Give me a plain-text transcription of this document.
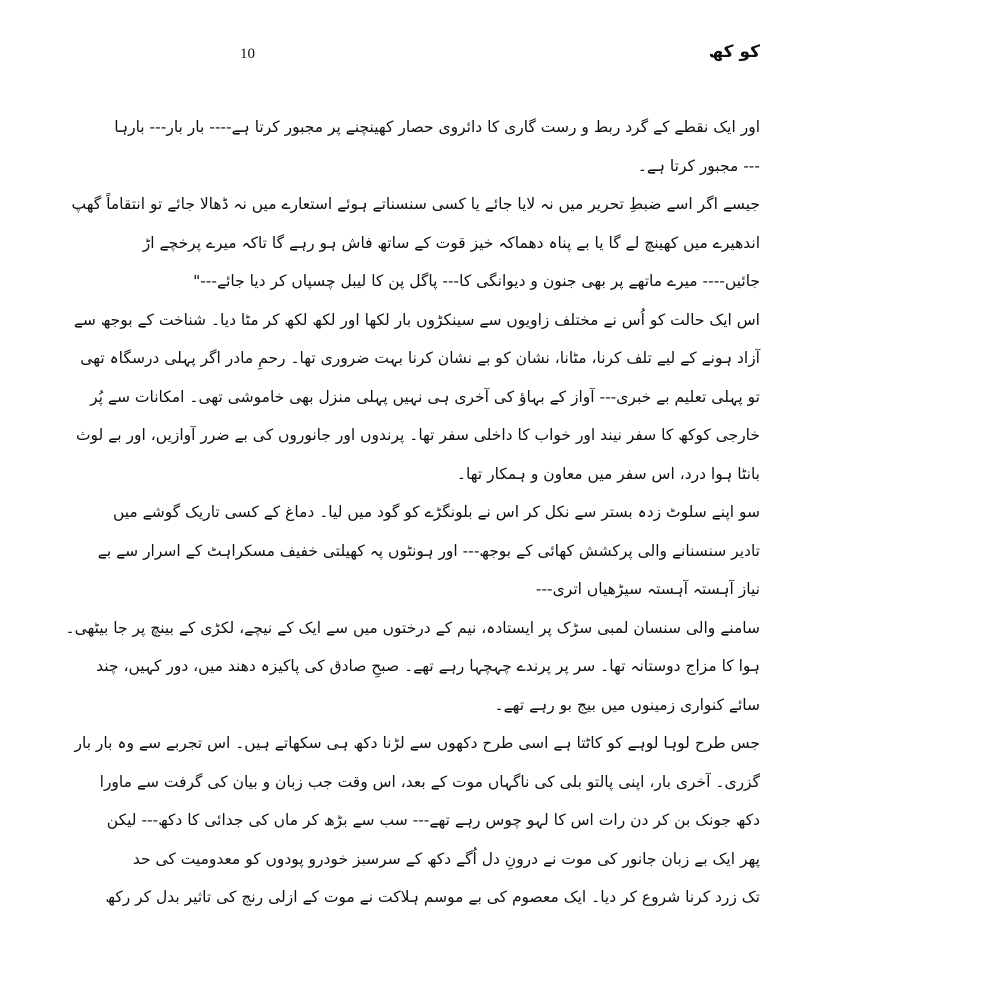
10	کو کھ
اور ایک نقطے کے گرد ربط و رست گاری کا دائروی حصار کھینچنے پر مجبور کرتا ہے---- بار بار--- بارہا
--- مجبور کرتا ہے۔
جیسے اگر اسے ضبطِ تحریر میں نہ لایا جائے یا کسی سنسناتے ہوئے استعارے میں نہ ڈھالا جائے تو انتقاماً گھپ
اندھیرے میں کھینچ لے گا یا بے پناہ دھماکہ خیز قوت کے ساتھ فاش ہو رہے گا تاکہ میرے پرخچے اڑ
جائیں---- میرے ماتھے پر بھی جنون و دیوانگی کا--- پاگل پن کا لیبل چسپاں کر دیا جائے---"
اس ایک حالت کو اُس نے مختلف زاویوں سے سینکڑوں بار لکھا اور لکھ لکھ کر مٹا دیا۔ شناخت کے بوجھ سے
آزاد ہونے کے لیے تلف کرنا، مٹانا، نشان کو بے نشان کرنا بہت ضروری تھا۔ رحمِ مادر اگر پہلی درسگاہ تھی
تو پہلی تعلیم بے خبری--- آواز کے بہاؤ کی آخری ہی نہیں پہلی منزل بھی خاموشی تھی۔ امکانات سے پُر
خارجی کوکھ کا سفر نیند اور خواب کا داخلی سفر تھا۔ پرندوں اور جانوروں کی بے ضرر آوازیں، اور بے لوث
بانٹا ہوا درد، اس سفر میں معاون و ہمکار تھا۔
سو اپنے سلوٹ زدہ بستر سے نکل کر اس نے بلونگڑے کو گود میں لیا۔ دماغ کے کسی تاریک گوشے میں
تادیر سنسنانے والی پرکشش کھائی کے بوجھ--- اور ہونٹوں پہ کھیلتی خفیف مسکراہٹ کے اسرار سے بے
نیاز آہستہ آہستہ سیڑھیاں اتری---
سامنے والی سنسان لمبی سڑک پر ایستادہ، نیم کے درختوں میں سے ایک کے نیچے، لکڑی کے بینچ پر جا بیٹھی۔
ہوا کا مزاج دوستانہ تھا۔ سر پر پرندے چہچہا رہے تھے۔ صبحِ صادق کی پاکیزہ دھند میں، دور کہیں، چند
سائے کنواری زمینوں میں بیج بو رہے تھے۔
جس طرح لوہا لوہے کو کاٹتا ہے اسی طرح دکھوں سے لڑنا دکھ ہی سکھاتے ہیں۔ اس تجربے سے وہ بار بار
گزری۔ آخری بار، اپنی پالتو بلی کی ناگہاں موت کے بعد، اس وقت جب زبان و بیان کی گرفت سے ماورا
دکھ جونک بن کر دن رات اس کا لہو چوس رہے تھے--- سب سے بڑھ کر ماں کی جدائی کا دکھ--- لیکن
پھر ایک بے زبان جانور کی موت نے درونِ دل اُگے دکھ کے سرسبز خودرو پودوں کو معدومیت کی حد
تک زرد کرنا شروع کر دیا۔ ایک معصوم کی بے موسم ہلاکت نے موت کے ازلی رنج کی تاثیر بدل کر رکھ
